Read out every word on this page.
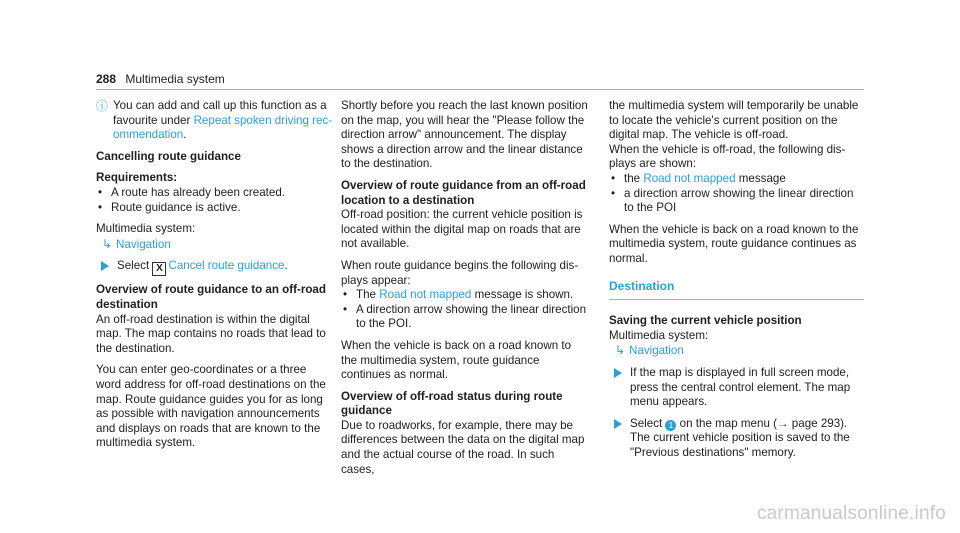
288 Multimedia system

ⓘ You can add and call up this function as a favourite under Repeat spoken driving recommendation.

Cancelling route guidance

Requirements:

• A route has already been created.

• Route guidance is active.

Multimedia system:

↳ Navigation

Select X Cancel route guidance.

Overview of route guidance to an off-road destination

An off-road destination is within the digital map. The map contains no roads that lead to the destination.

You can enter geo-coordinates or a three word address for off-road destinations on the map. Route guidance guides you for as long as possible with navigation announcements and displays on roads that are known to the multimedia system.

Shortly before you reach the last known position on the map, you will hear the "Please follow the direction arrow" announcement. The display shows a direction arrow and the linear distance to the destination.

Overview of route guidance from an off-road location to a destination

Off-road position: the current vehicle position is located within the digital map on roads that are not available.

When route guidance begins the following displays appear:

• The Road not mapped message is shown.

• A direction arrow showing the linear direction to the POI.

When the vehicle is back on a road known to the multimedia system, route guidance continues as normal.

Overview of off-road status during route guidance

Due to roadworks, for example, there may be differences between the data on the digital map and the actual course of the road. In such cases,

the multimedia system will temporarily be unable to locate the vehicle's current position on the digital map. The vehicle is off-road.

When the vehicle is off-road, the following displays are shown:

• the Road not mapped message

• a direction arrow showing the linear direction to the POI

When the vehicle is back on a road known to the multimedia system, route guidance continues as normal.

Destination

Saving the current vehicle position

Multimedia system:

↳ Navigation

If the map is displayed in full screen mode, press the central control element. The map menu appears.

Select 1 on the map menu (→ page 293). The current vehicle position is saved to the "Previous destinations" memory.

carmanualsonline.info
